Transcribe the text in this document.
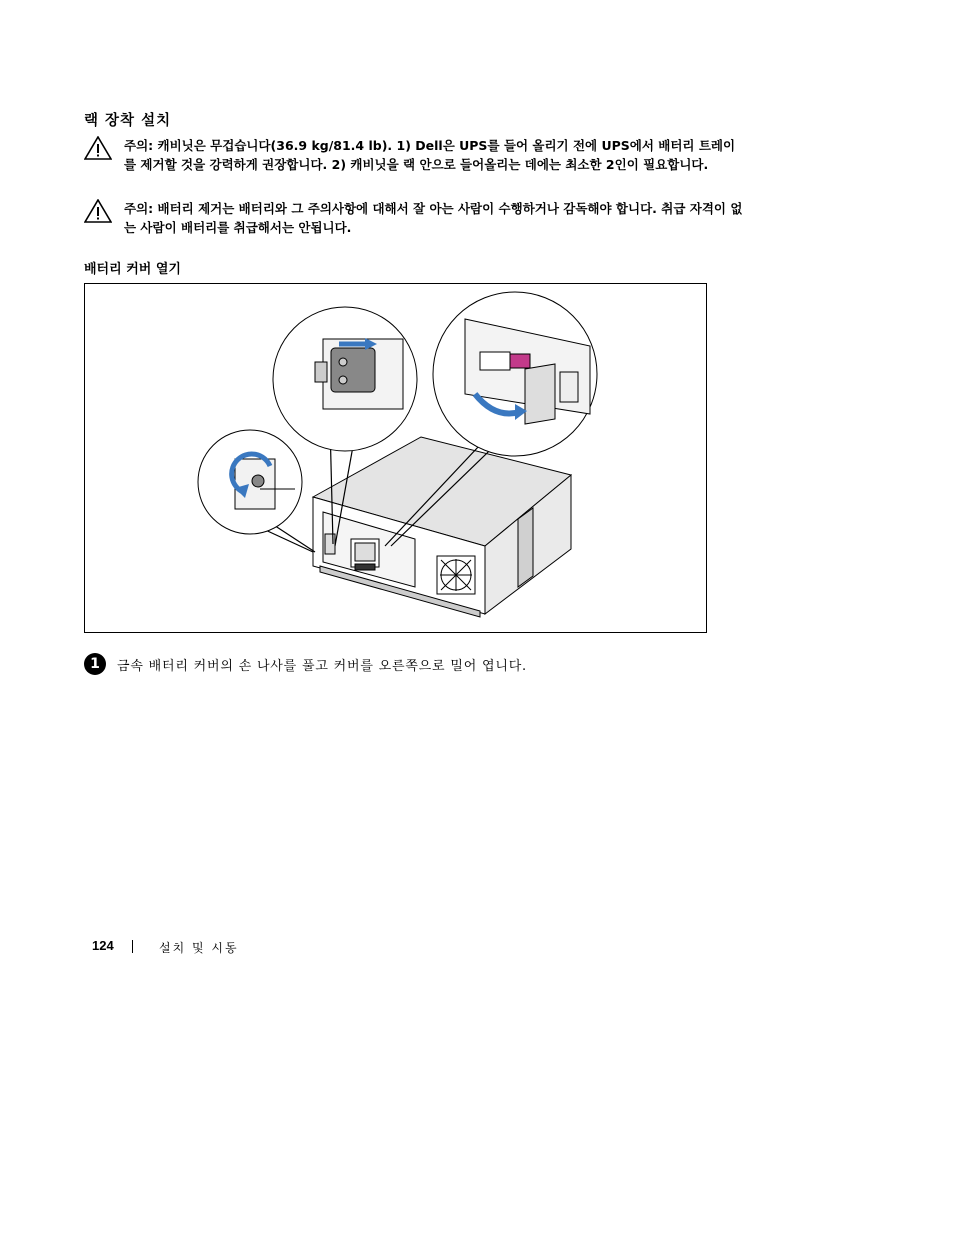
랙 장착 설치
주의: 캐비닛은 무겁습니다(36.9 kg/81.4 lb). 1) Dell은 UPS를 들어 올리기 전에 UPS에서 배터리 트레이를 제거할 것을 강력하게 권장합니다. 2) 캐비닛을 랙 안으로 들어올리는 데에는 최소한 2인이 필요합니다.
주의: 배터리 제거는 배터리와 그 주의사항에 대해서 잘 아는 사람이 수행하거나 감독해야 합니다. 취급 자격이 없는 사람이 배터리를 취급해서는 안됩니다.
배터리 커버 열기
1	금속 배터리 커버의 손 나사를 풀고 커버를 오른쪽으로 밀어 엽니다.
124	설치 및 시동
